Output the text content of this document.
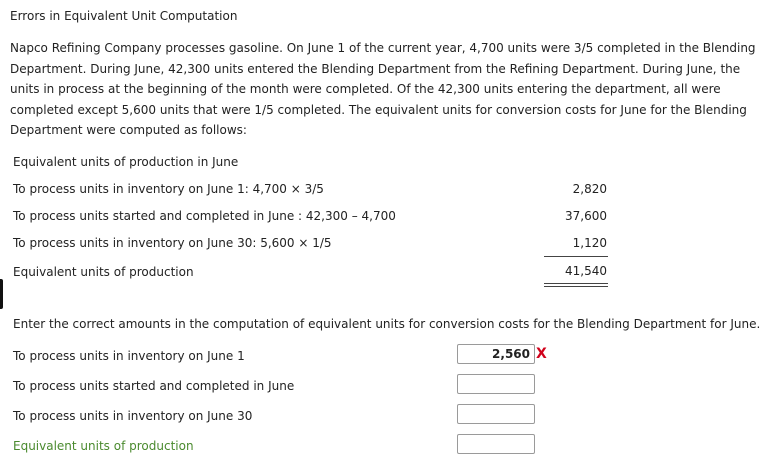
Errors in Equivalent Unit Computation
Napco Refining Company processes gasoline. On June 1 of the current year, 4,700 units were 3/5 completed in the Blending Department. During June, 42,300 units entered the Blending Department from the Refining Department. During June, the units in process at the beginning of the month were completed. Of the 42,300 units entering the department, all were completed except 5,600 units that were 1/5 completed. The equivalent units for conversion costs for June for the Blending Department were computed as follows:
Equivalent units of production in June
To process units in inventory on June 1: 4,700 × 3/5	2,820
To process units started and completed in June : 42,300 – 4,700	37,600
To process units in inventory on June 30: 5,600 × 1/5	1,120
Equivalent units of production	41,540
Enter the correct amounts in the computation of equivalent units for conversion costs for the Blending Department for June.
To process units in inventory on June 1
2,560	X
To process units started and completed in June
To process units in inventory on June 30
Equivalent units of production
